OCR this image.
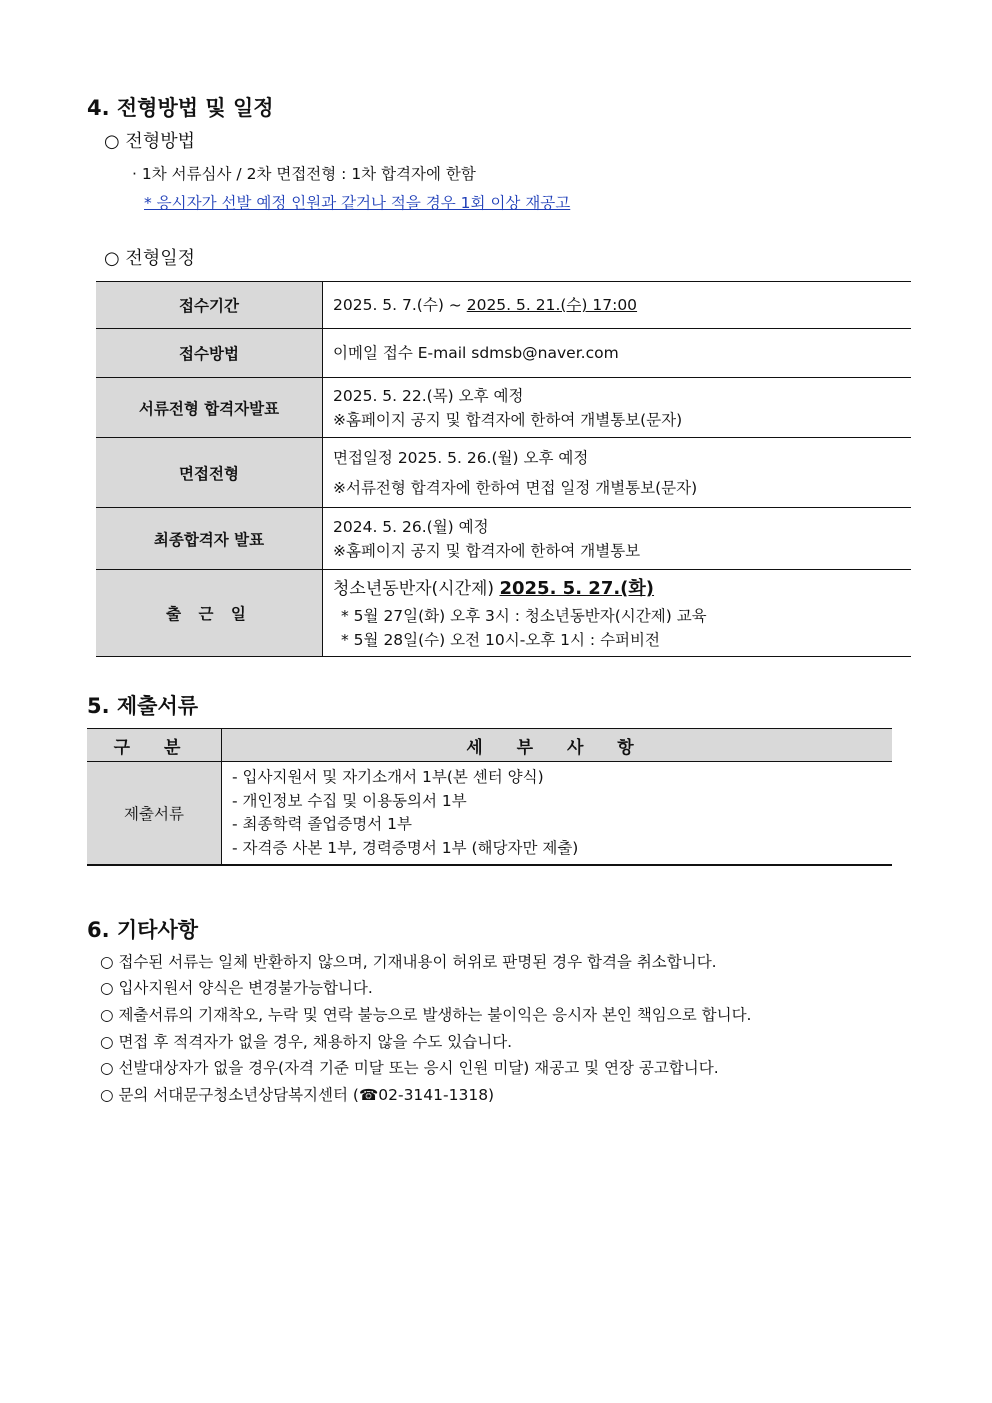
4. 전형방법 및 일정
○ 전형방법
· 1차 서류심사 / 2차 면접전형 : 1차 합격자에 한함
* 응시자가 선발 예정 인원과 같거나 적을 경우 1회 이상 재공고
○ 전형일정
접수기간	2025. 5. 7.(수) ~ 2025. 5. 21.(수) 17:00
접수방법	이메일 접수 E-mail sdmsb@naver.com
서류전형 합격자발표	2025. 5. 22.(목) 오후 예정
※홈페이지 공지 및 합격자에 한하여 개별통보(문자)

면접전형	면접일정 2025. 5. 26.(월) 오후 예정
※서류전형 합격자에 한하여 면접 일정 개별통보(문자)

최종합격자 발표	2024. 5. 26.(월) 예정
※홈페이지 공지 및 합격자에 한하여 개별통보

출 근 일	청소년동반자(시간제) 2025. 5. 27.(화)
* 5월 27일(화) 오후 3시 : 청소년동반자(시간제) 교육
* 5월 28일(수) 오전 10시-오후 1시 : 수퍼비전
5. 제출서류
구 분	세 부 사 항
제출서류	- 입사지원서 및 자기소개서 1부(본 센터 양식)
- 개인정보 수집 및 이용동의서 1부
- 최종학력 졸업증명서 1부
- 자격증 사본 1부, 경력증명서 1부 (해당자만 제출)
6. 기타사항
○ 접수된 서류는 일체 반환하지 않으며, 기재내용이 허위로 판명된 경우 합격을 취소합니다.
○ 입사지원서 양식은 변경불가능합니다.
○ 제출서류의 기재착오, 누락 및 연락 불능으로 발생하는 불이익은 응시자 본인 책임으로 합니다.
○ 면접 후 적격자가 없을 경우, 채용하지 않을 수도 있습니다.
○ 선발대상자가 없을 경우(자격 기준 미달 또는 응시 인원 미달) 재공고 및 연장 공고합니다.
○ 문의 서대문구청소년상담복지센터 (☎02-3141-1318)
